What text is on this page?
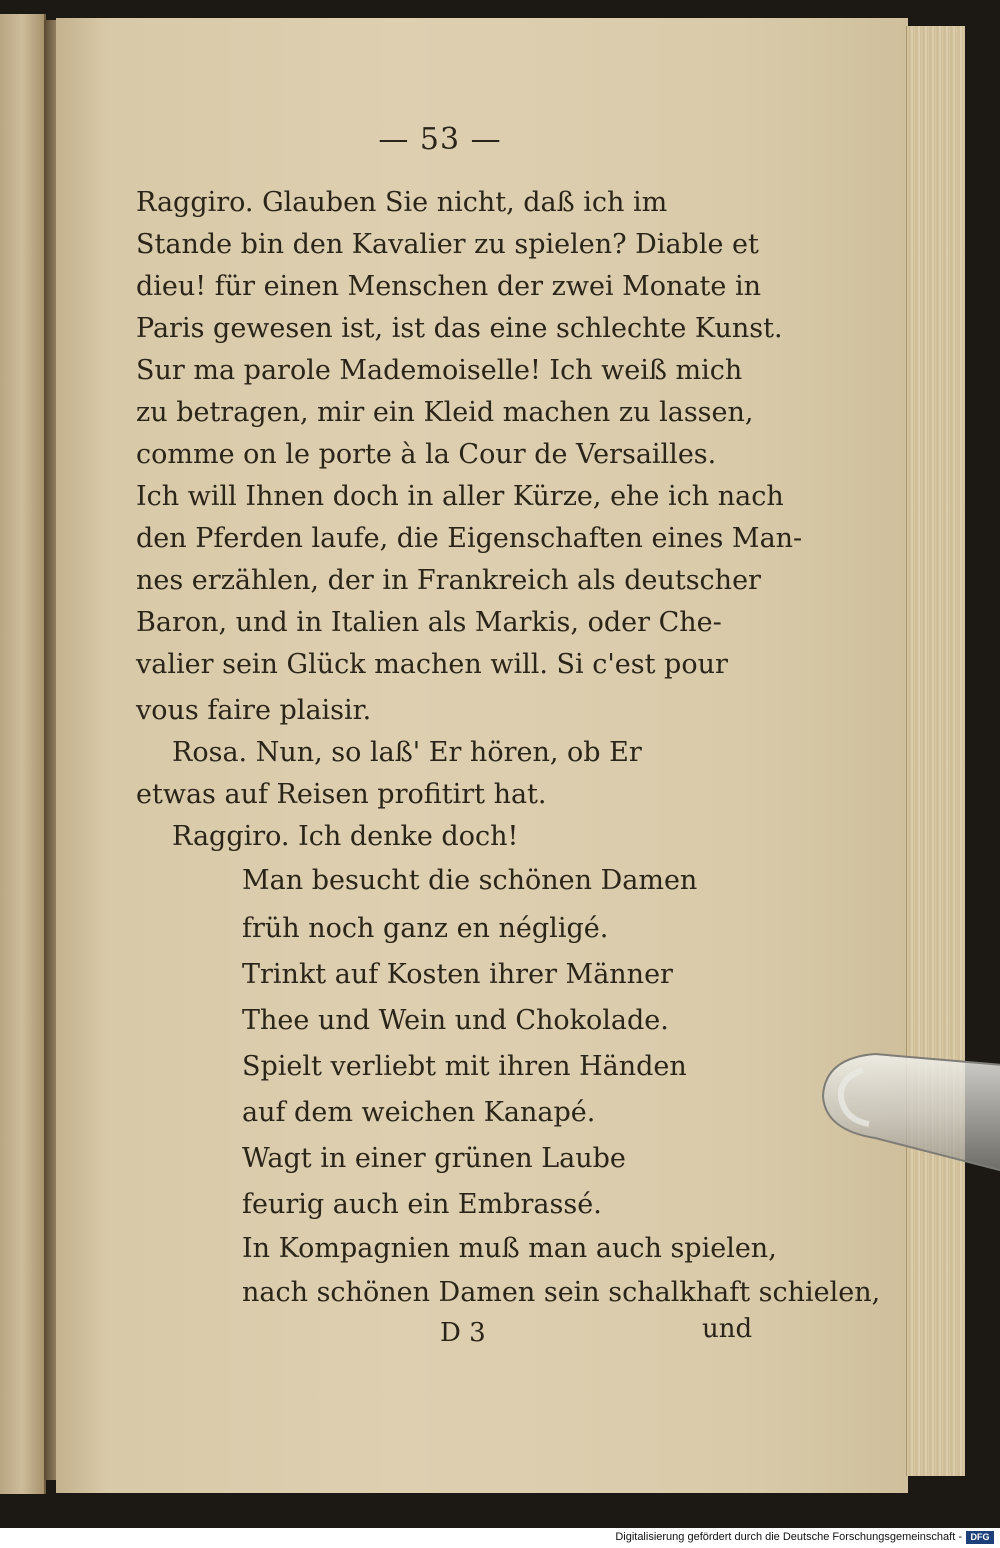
— 53 —
Raggiro. Glauben Sie nicht, daß ich im
Stande bin den Kavalier zu spielen? Diable et
dieu! für einen Menschen der zwei Monate in
Paris gewesen ist, ist das eine schlechte Kunst.
Sur ma parole Mademoiselle! Ich weiß mich
zu betragen, mir ein Kleid machen zu lassen,
comme on le porte à la Cour de Versailles.
Ich will Ihnen doch in aller Kürze, ehe ich nach
den Pferden laufe, die Eigenschaften eines Man-
nes erzählen, der in Frankreich als deutscher
Baron, und in Italien als Markis, oder Che-
valier sein Glück machen will. Si c'est pour
vous faire plaisir.
Rosa. Nun, so laß' Er hören, ob Er
etwas auf Reisen profitirt hat.
Raggiro. Ich denke doch!
Man besucht die schönen Damen
früh noch ganz en négligé.
Trinkt auf Kosten ihrer Männer
Thee und Wein und Chokolade.
Spielt verliebt mit ihren Händen
auf dem weichen Kanapé.
Wagt in einer grünen Laube
feurig auch ein Embrassé.
In Kompagnien muß man auch spielen,
nach schönen Damen sein schalkhaft schielen,
D 3	und
Digitalisierung gefördert durch die Deutsche Forschungsgemeinschaft - DFG
